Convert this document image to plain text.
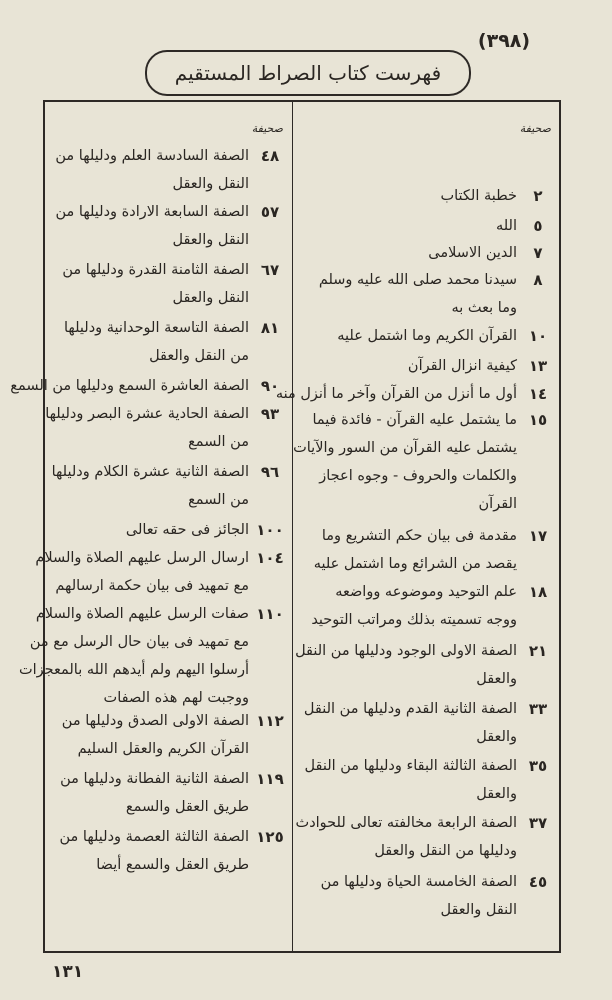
(٣٩٨)
فهرست كتاب الصراط المستقيم
صحيفة
٢
خطبة الكتاب
٥
الله
٧
الدين الاسلامى
٨
سيدنا محمد صلى الله عليه وسلم
وما بعث به
١٠
القرآن الكريم وما اشتمل عليه
١٣
كيفية انزال القرآن
١٤
أول ما أنزل من القرآن وآخر ما أنزل منه
١٥
ما يشتمل عليه القرآن - فائدة فيما
يشتمل عليه القرآن من السور والآيات
والكلمات والحروف - وجوه اعجاز
القرآن
١٧
مقدمة فى بيان حكم التشريع وما
يقصد من الشرائع وما اشتمل عليه
١٨
علم التوحيد وموضوعه وواضعه
ووجه تسميته بذلك ومراتب التوحيد
٢١
الصفة الاولى الوجود ودليلها من النقل
والعقل
٣٣
الصفة الثانية القدم ودليلها من النقل
والعقل
٣٥
الصفة الثالثة البقاء ودليلها من النقل
والعقل
٣٧
الصفة الرابعة مخالفته تعالى للحوادث
ودليلها من النقل والعقل
٤٥
الصفة الخامسة الحياة ودليلها من
النقل والعقل
صحيفة
٤٨
الصفة السادسة العلم ودليلها من
النقل والعقل
٥٧
الصفة السابعة الارادة ودليلها من
النقل والعقل
٦٧
الصفة الثامنة القدرة ودليلها من
النقل والعقل
٨١
الصفة التاسعة الوحدانية ودليلها
من النقل والعقل
٩٠
الصفة العاشرة السمع ودليلها من السمع
٩٣
الصفة الحادية عشرة البصر ودليلها
من السمع
٩٦
الصفة الثانية عشرة الكلام ودليلها
من السمع
١٠٠
الجائز فى حقه تعالى
١٠٤
ارسال الرسل عليهم الصلاة والسلام
مع تمهيد فى بيان حكمة ارسالهم
١١٠
صفات الرسل عليهم الصلاة والسلام
مع تمهيد فى بيان حال الرسل مع من
أرسلوا اليهم ولم أيدهم الله بالمعجزات
ووجبت لهم هذه الصفات
١١٢
الصفة الاولى الصدق ودليلها من
القرآن الكريم والعقل السليم
١١٩
الصفة الثانية الفطانة ودليلها من
طريق العقل والسمع
١٢٥
الصفة الثالثة العصمة ودليلها من
طريق العقل والسمع أيضا
١٣١
